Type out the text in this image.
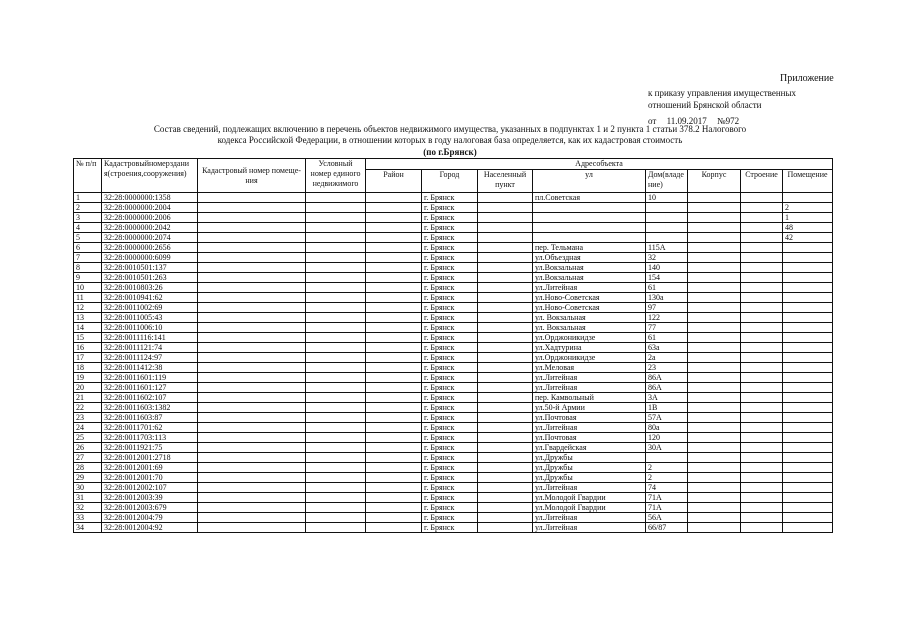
Приложение
к приказу управления имущественных
отношений Брянской области
от 11.09.2017 №972
Состав сведений, подлежащих включению в перечень объектов недвижимого имущества, указанных в подпунктах 1 и 2 пункта 1 статьи 378.2 Налогового
кодекса Российской Федерации, в отношении которых в году налоговая база определяется, как их кадастровая стоимость
(по г.Брянск)
№ п/п	Кадастровыйномерздани я(строения,сооружения)	Кадастровый номер помеще-ния	Условный номер единого недвижимого	Адресобъекта							
				Район	Город	Населенный пункт	ул	Дом(владе ние)	Корпус	Строение	Помещение
1	32:28:0000000:1358				г. Брянск		пл.Советская	10			
2	32:28:0000000:2004				г. Брянск						2
3	32:28:0000000:2006				г. Брянск						1
4	32:28:0000000:2042				г. Брянск						48
5	32:28:0000000:2074				г. Брянск						42
6	32:28:0000000:2656				г. Брянск		пер. Тельмана	115А			
7	32:28:0000000:6099				г. Брянск		ул.Объездная	32			
8	32:28:0010501:137				г. Брянск		ул.Вокзальная	140			
9	32:28:0010501:263				г. Брянск		ул.Вокзальная	154			
10	32:28:0010803:26				г. Брянск		ул.Литейная	61			
11	32:28:0010941:62				г. Брянск		ул.Ново-Советская	130а			
12	32:28:0011002:69				г. Брянск		ул.Ново-Советская	97			
13	32:28:0011005:43				г. Брянск		ул. Вокзальная	122			
14	32:28:0011006:10				г. Брянск		ул. Вокзальная	77			
15	32:28:0011116:141				г. Брянск		ул.Орджоникидзе	61			
16	32:28:0011121:74				г. Брянск		ул.Хадтурина	63а			
17	32:28:0011124:97				г. Брянск		ул.Орджоникидзе	2а			
18	32:28:0011412:38				г. Брянск		ул.Меловая	23			
19	32:28:0011601:119				г. Брянск		ул.Литейная	86А			
20	32:28:0011601:127				г. Брянск		ул.Литейная	86А			
21	32:28:0011602:107				г. Брянск		пер. Камвольный	3А			
22	32:28:0011603:1382				г. Брянск		ул.50-й Армии	1В			
23	32:28:0011603:87				г. Брянск		ул.Почтовая	57А			
24	32:28:0011701:62				г. Брянск		ул.Литейная	80а			
25	32:28:0011703:113				г. Брянск		ул.Почтовая	120			
26	32:28:0011921:75				г. Брянск		ул.Гвардейская	30А			
27	32:28:0012001:2718				г. Брянск		ул.Дружбы				
28	32:28:0012001:69				г. Брянск		ул.Дружбы	2			
29	32:28:0012001:70				г. Брянск		ул.Дружбы	2			
30	32:28:0012002:107				г. Брянск		ул.Литейная	74			
31	32:28:0012003:39				г. Брянск		ул.Молодой Гвардии	71А			
32	32:28:0012003:679				г. Брянск		ул.Молодой Гвардии	71А			
33	32:28:0012004:79				г. Брянск		ул.Литейная	56А			
34	32:28:0012004:92				г. Брянск		ул.Литейная	66/87			
